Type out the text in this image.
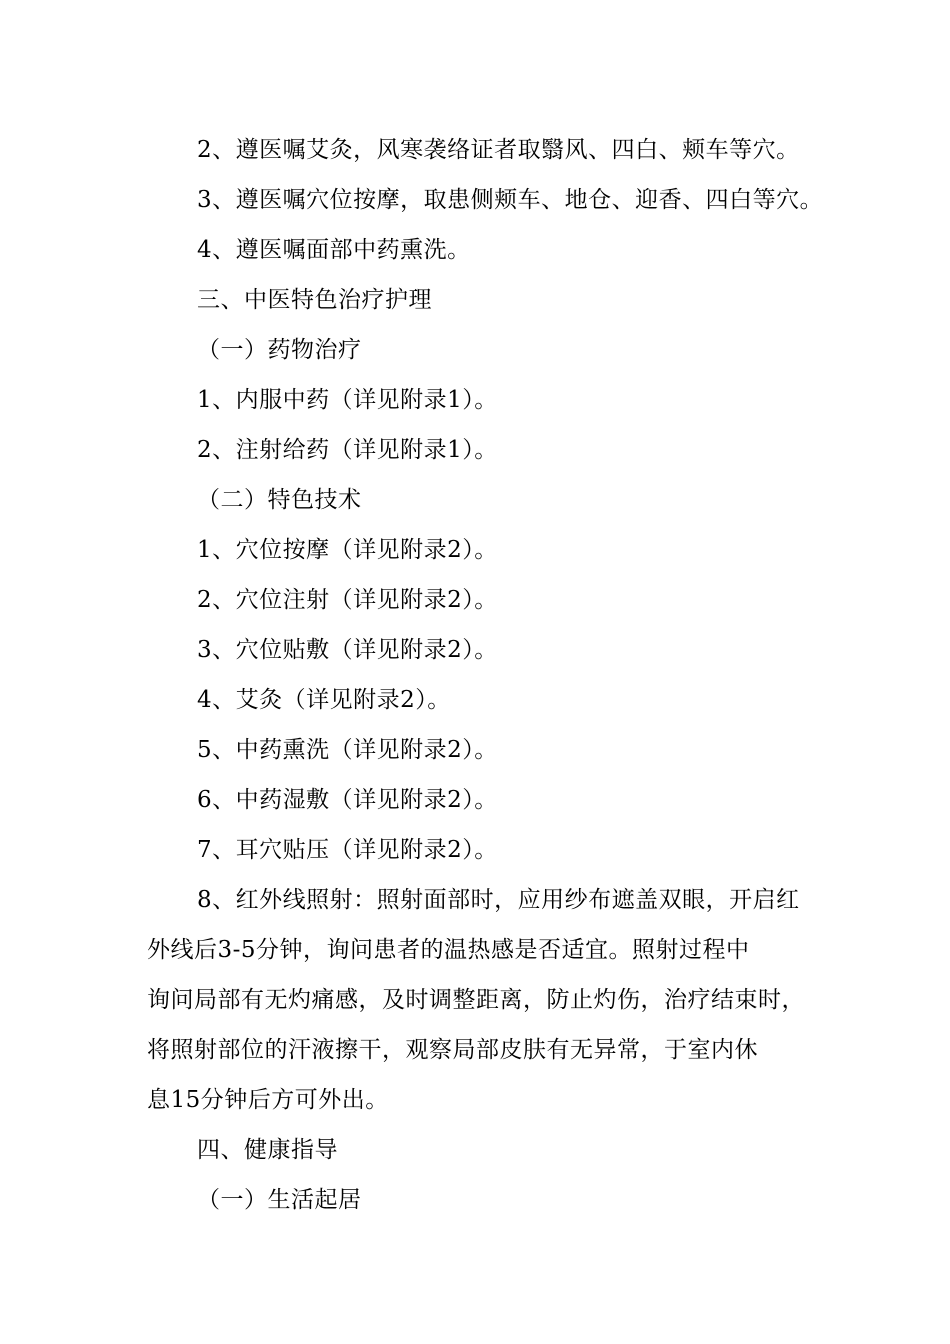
2、遵医嘱艾灸，风寒袭络证者取翳风、四白、颊车等穴。
3、遵医嘱穴位按摩，取患侧颊车、地仓、迎香、四白等穴。
4、遵医嘱面部中药熏洗。
三、中医特色治疗护理
（一）药物治疗
1、内服中药（详见附录1）。
2、注射给药（详见附录1）。
（二）特色技术
1、穴位按摩（详见附录2）。
2、穴位注射（详见附录2）。
3、穴位贴敷（详见附录2）。
4、艾灸（详见附录2）。
5、中药熏洗（详见附录2）。
6、中药湿敷（详见附录2）。
7、耳穴贴压（详见附录2）。
8、红外线照射：照射面部时，应用纱布遮盖双眼，开启红
外线后3-5分钟，询问患者的温热感是否适宜。照射过程中
询问局部有无灼痛感，及时调整距离，防止灼伤，治疗结束时，
将照射部位的汗液擦干，观察局部皮肤有无异常，于室内休
息15分钟后方可外出。
四、健康指导
（一）生活起居
